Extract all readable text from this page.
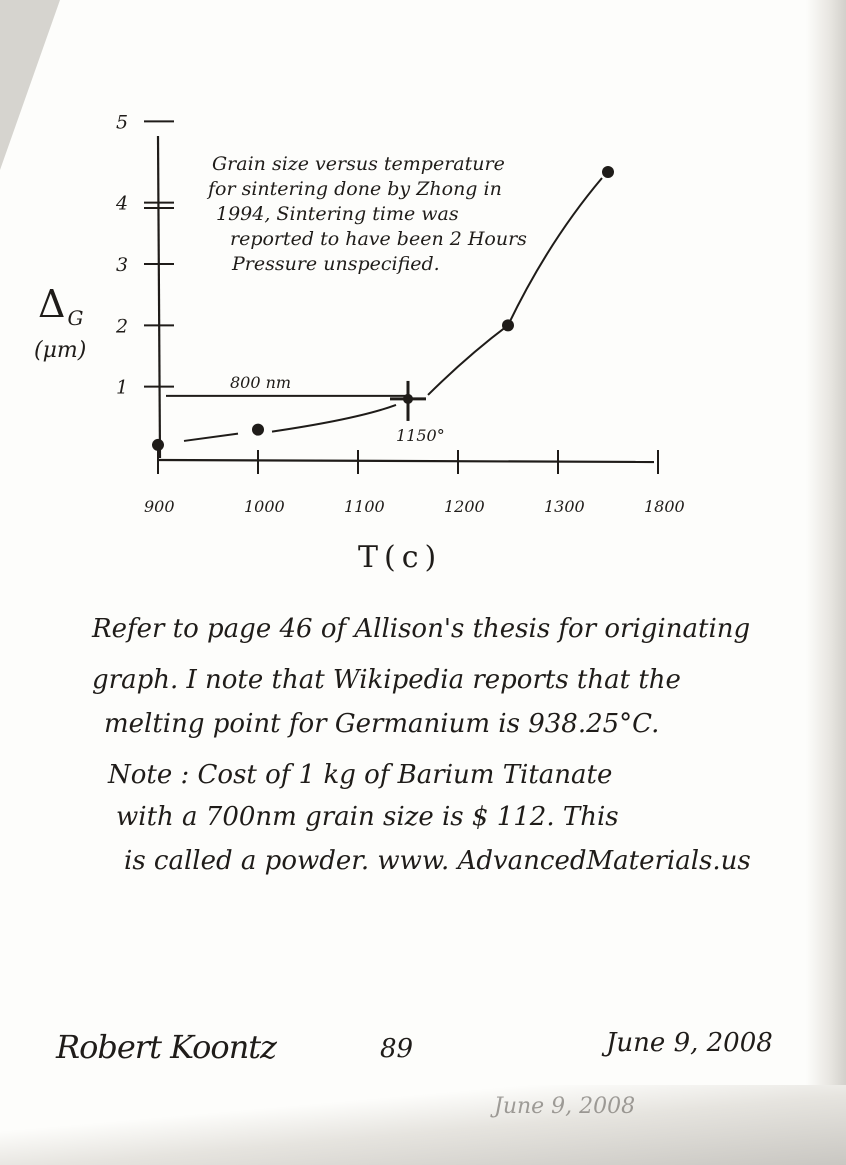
1
2
3
4
5
900	1000	1100	1200	1300	1800
800 nm
1150°
Δ G
(μm)
T(c)
Grain size versus temperature
for sintering done by Zhong in
1994, Sintering time was
reported to have been 2 Hours
Pressure unspecified.
Refer to page 46 of Allison's thesis for originating
graph. I note that Wikipedia reports that the
melting point for Germanium is 938.25°C.
Note : Cost of 1 kg of Barium Titanate
with a 700nm grain size is $ 112. This
is called a powder. www. AdvancedMaterials.us
Robert Koontz	89	June 9, 2008
June 9, 2008
